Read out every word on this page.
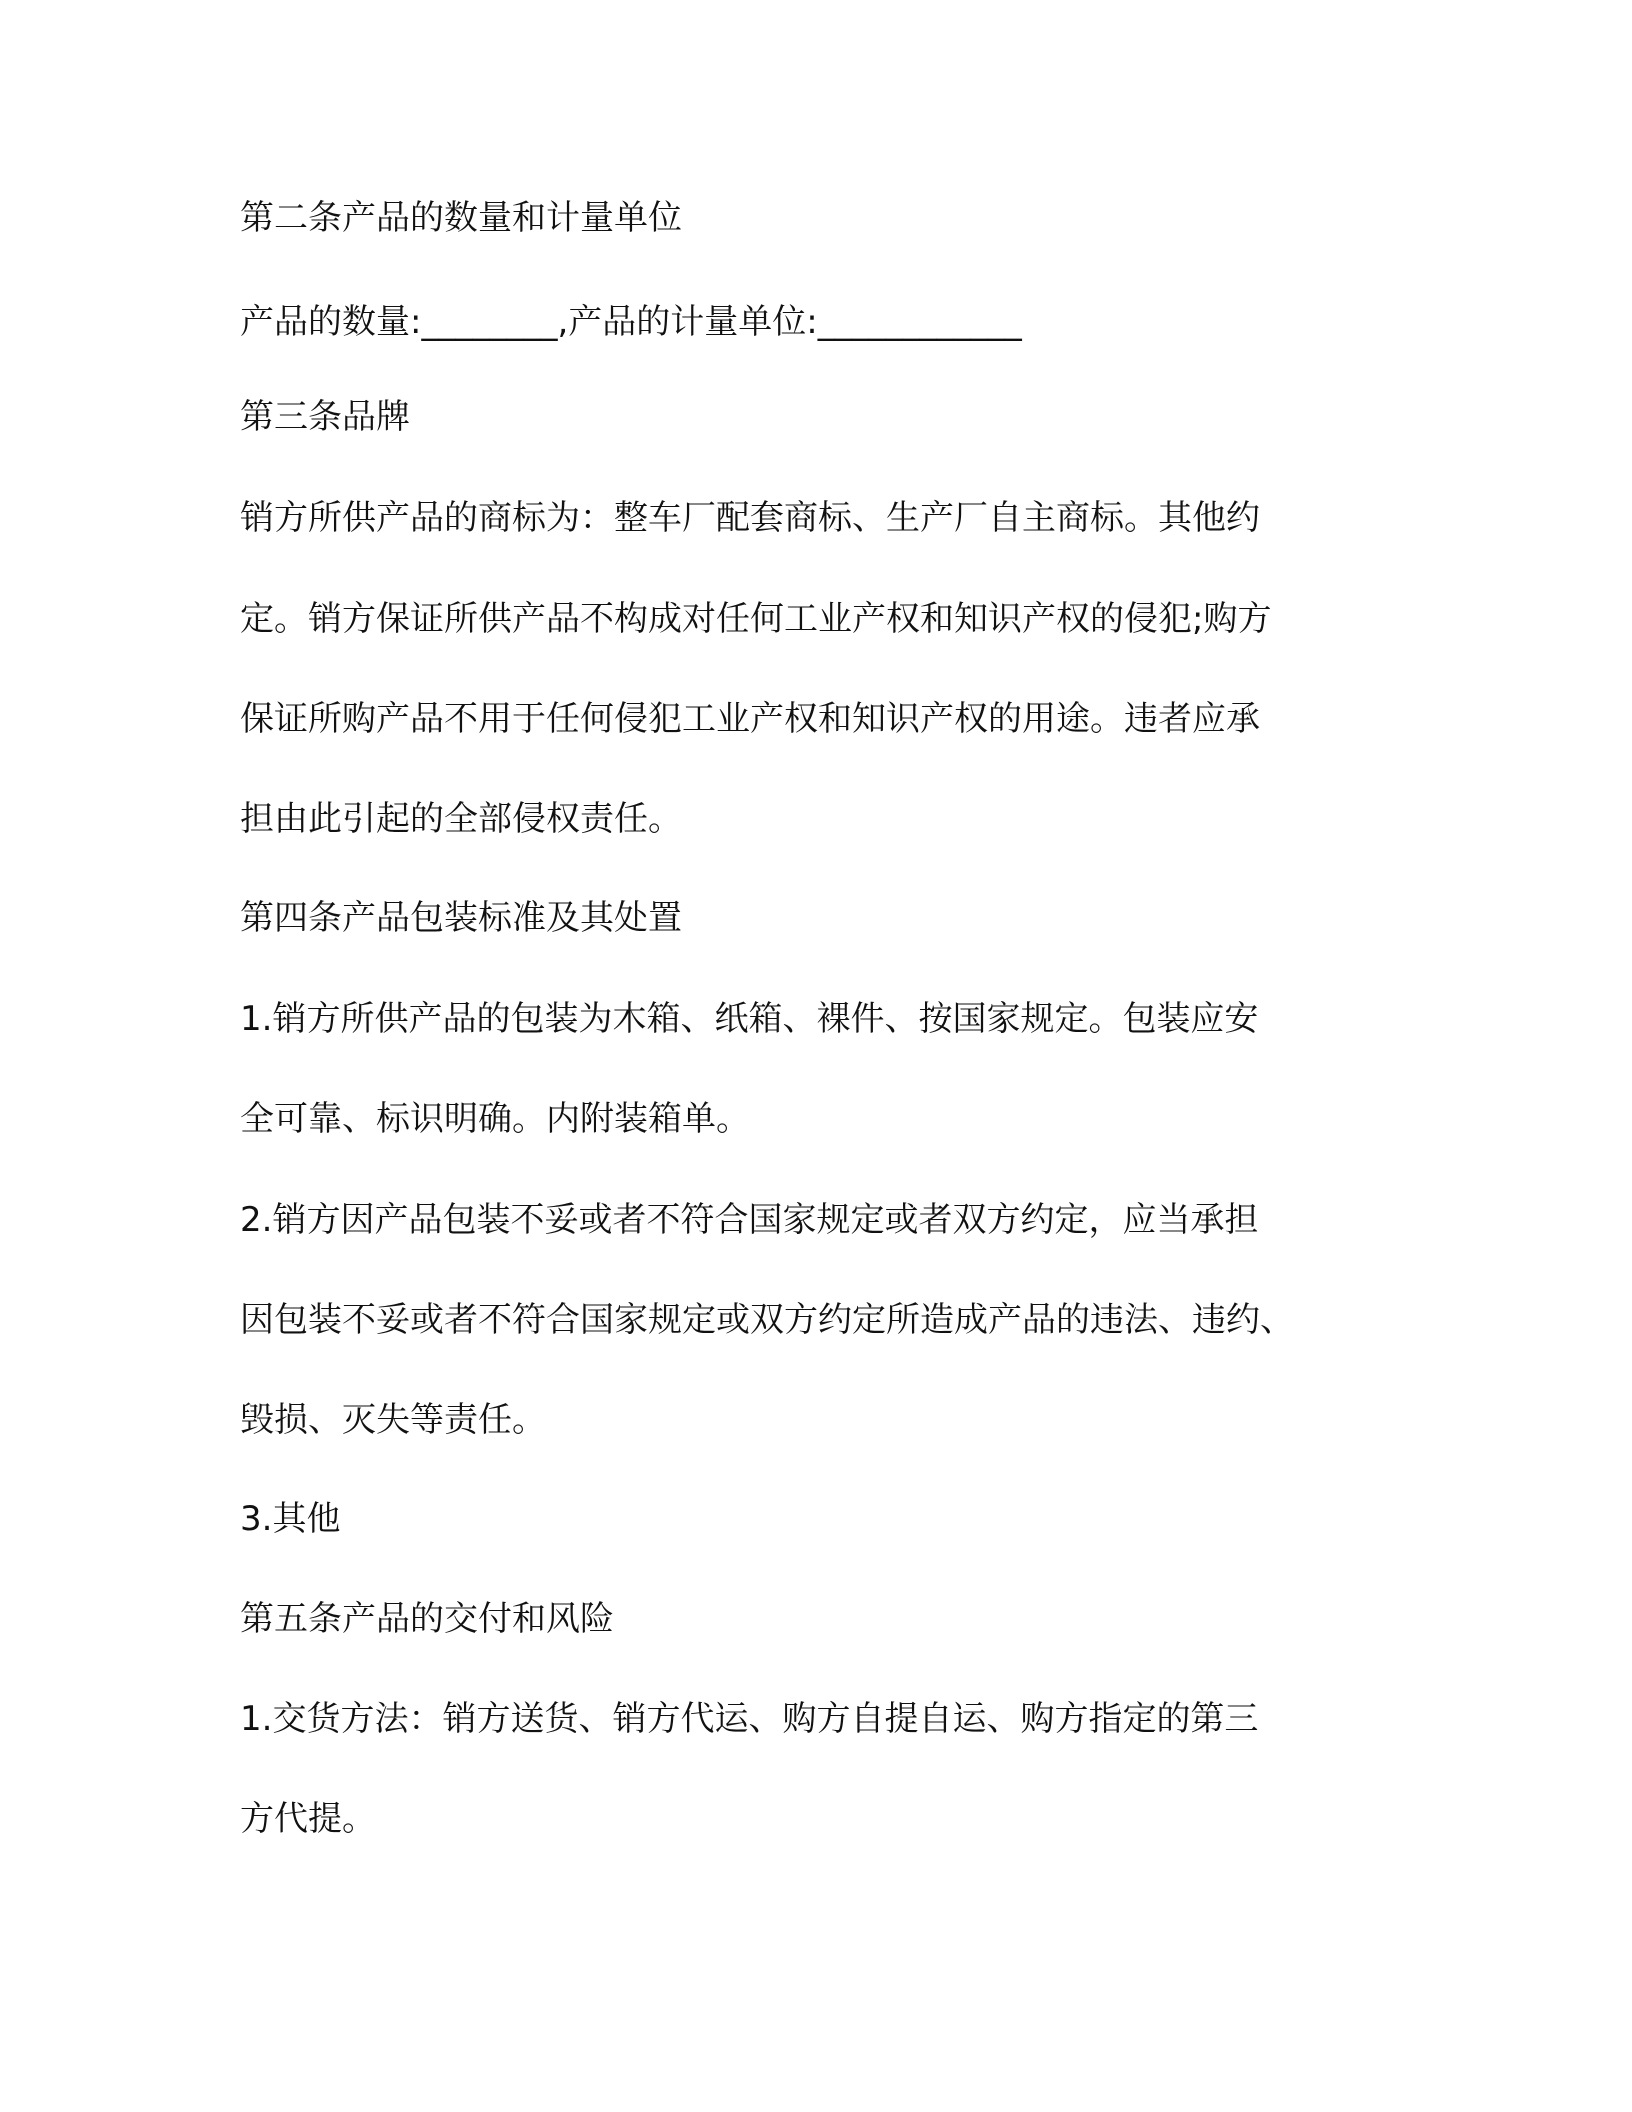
第二条产品的数量和计量单位
产品的数量:________,产品的计量单位:____________
第三条品牌
销方所供产品的商标为：整车厂配套商标、生产厂自主商标。其他约
定。销方保证所供产品不构成对任何工业产权和知识产权的侵犯;购方
保证所购产品不用于任何侵犯工业产权和知识产权的用途。违者应承
担由此引起的全部侵权责任。
第四条产品包装标准及其处置
1.销方所供产品的包装为木箱、纸箱、裸件、按国家规定。包装应安
全可靠、标识明确。内附装箱单。
2.销方因产品包装不妥或者不符合国家规定或者双方约定，应当承担
因包装不妥或者不符合国家规定或双方约定所造成产品的违法、违约、
毁损、灭失等责任。
3.其他
第五条产品的交付和风险
1.交货方法：销方送货、销方代运、购方自提自运、购方指定的第三
方代提。
